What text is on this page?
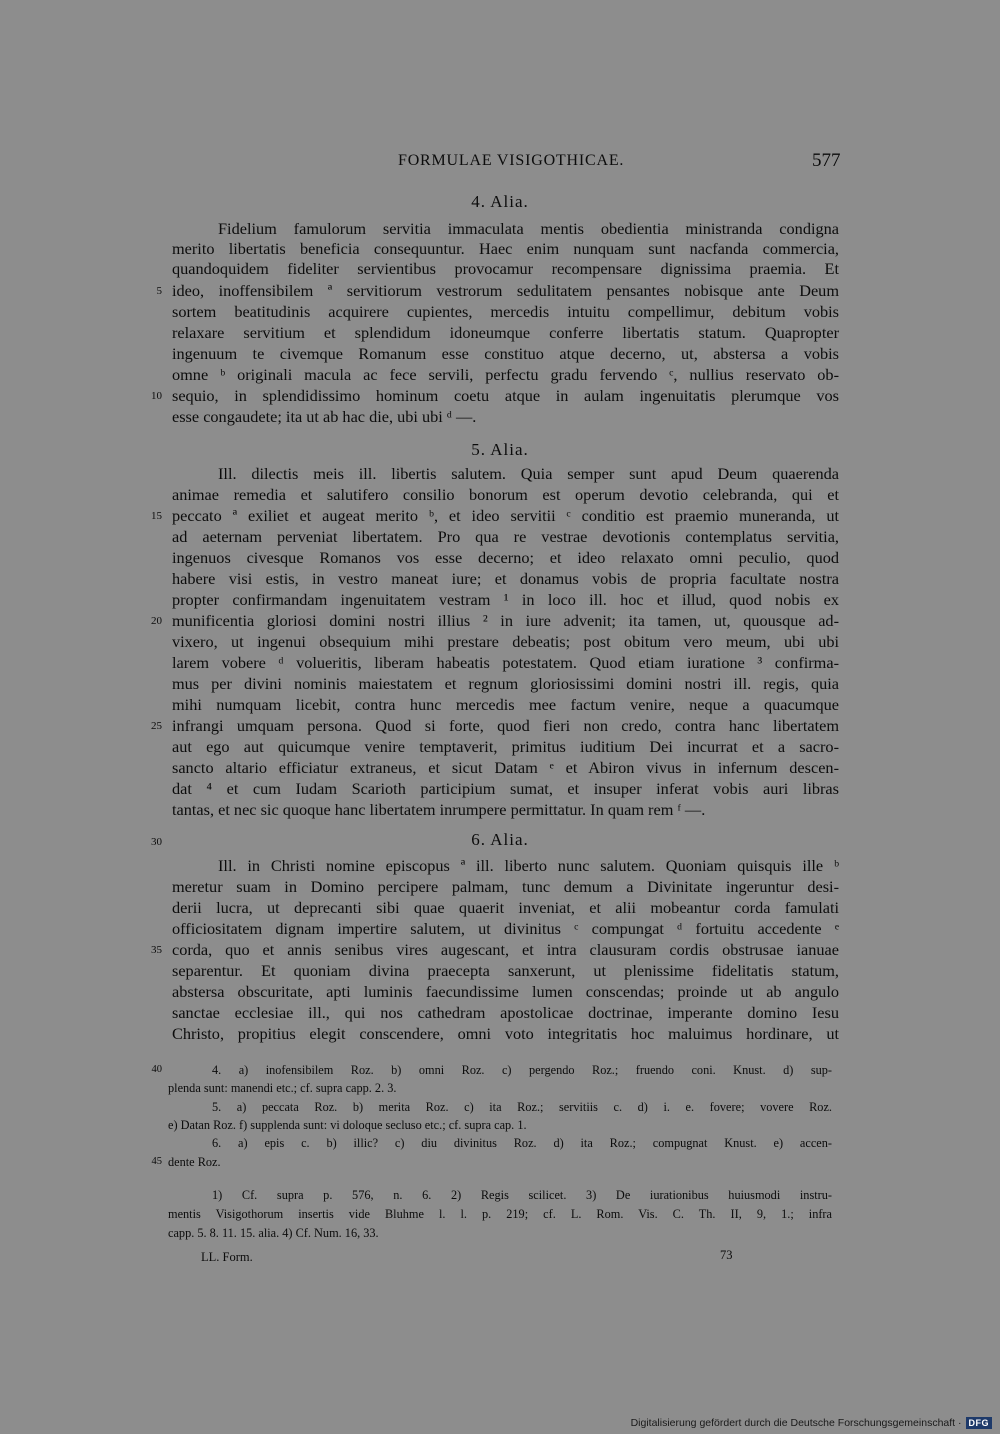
FORMULAE VISIGOTHICAE.	577
4. Alia.
Fidelium famulorum servitia immaculata mentis obedientia ministranda condigna
merito libertatis beneficia consequuntur. Haec enim nunquam sunt nacfanda commercia,
quandoquidem fideliter servientibus provocamur recompensare dignissima praemia. Et
5 ideo, inoffensibilem ª servitiorum vestrorum sedulitatem pensantes nobisque ante Deum
sortem beatitudinis acquirere cupientes, mercedis intuitu compellimur, debitum vobis
relaxare servitium et splendidum idoneumque conferre libertatis statum. Quapropter
ingenuum te civemque Romanum esse constituo atque decerno, ut, abstersa a vobis
omne ᵇ originali macula ac fece servili, perfectu gradu fervendo ᶜ, nullius reservato ob-
10 sequio, in splendidissimo hominum coetu atque in aulam ingenuitatis plerumque vos
esse congaudete; ita ut ab hac die, ubi ubi ᵈ —.
5. Alia.
Ill. dilectis meis ill. libertis salutem. Quia semper sunt apud Deum quaerenda
animae remedia et salutifero consilio bonorum est operum devotio celebranda, qui et
15 peccato ª exiliet et augeat merito ᵇ, et ideo servitii ᶜ conditio est praemio muneranda, ut
ad aeternam perveniat libertatem. Pro qua re vestrae devotionis contemplatus servitia,
ingenuos civesque Romanos vos esse decerno; et ideo relaxato omni peculio, quod
habere visi estis, in vestro maneat iure; et donamus vobis de propria facultate nostra
propter confirmandam ingenuitatem vestram ¹ in loco ill. hoc et illud, quod nobis ex
20 munificentia gloriosi domini nostri illius ² in iure advenit; ita tamen, ut, quousque ad-
vixero, ut ingenui obsequium mihi prestare debeatis; post obitum vero meum, ubi ubi
larem vobere ᵈ volueritis, liberam habeatis potestatem. Quod etiam iuratione ³ confirma-
mus per divini nominis maiestatem et regnum gloriosissimi domini nostri ill. regis, quia
mihi numquam licebit, contra hunc mercedis mee factum venire, neque a quacumque
25 infrangi umquam persona. Quod si forte, quod fieri non credo, contra hanc libertatem
aut ego aut quicumque venire temptaverit, primitus iuditium Dei incurrat et a sacro-
sancto altario efficiatur extraneus, et sicut Datam ᵉ et Abiron vivus in infernum descen-
dat ⁴ et cum Iudam Scarioth participium sumat, et insuper inferat vobis auri libras
tantas, et nec sic quoque hanc libertatem inrumpere permittatur. In quam rem ᶠ —.
30	6. Alia.
Ill. in Christi nomine episcopus ª ill. liberto nunc salutem. Quoniam quisquis ille ᵇ
meretur suam in Domino percipere palmam, tunc demum a Divinitate ingeruntur desi-
derii lucra, ut deprecanti sibi quae quaerit inveniat, et alii mobeantur corda famulati
officiositatem dignam impertire salutem, ut divinitus ᶜ compungat ᵈ fortuitu accedente ᵉ
35 corda, quo et annis senibus vires augescant, et intra clausuram cordis obstrusae ianuae
separentur. Et quoniam divina praecepta sanxerunt, ut plenissime fidelitatis statum,
abstersa obscuritate, apti luminis faecundissime lumen conscendas; proinde ut ab angulo
sanctae ecclesiae ill., qui nos cathedram apostolicae doctrinae, imperante domino Iesu
Christo, propitius elegit conscendere, omni voto integritatis hoc maluimus hordinare, ut
40	4. a) inofensibilem Roz. b) omni Roz. c) pergendo Roz.; fruendo coni. Knust. d) sup-
plenda sunt: manendi etc.; cf. supra capp. 2. 3.
5. a) peccata Roz. b) merita Roz. c) ita Roz.; servitiis c. d) i. e. fovere; vovere Roz.
e) Datan Roz. f) supplenda sunt: vi doloque secluso etc.; cf. supra cap. 1.
6. a) epis c. b) illic? c) diu divinitus Roz. d) ita Roz.; compugnat Knust. e) accen-
45 dente Roz.
1) Cf. supra p. 576, n. 6. 2) Regis scilicet. 3) De iurationibus huiusmodi instru-
mentis Visigothorum insertis vide Bluhme l. l. p. 219; cf. L. Rom. Vis. C. Th. II, 9, 1.; infra
capp. 5. 8. 11. 15. alia. 4) Cf. Num. 16, 33.
LL. Form.	73
Digitalisierung gefördert durch die Deutsche Forschungsgemeinschaft · DFG
